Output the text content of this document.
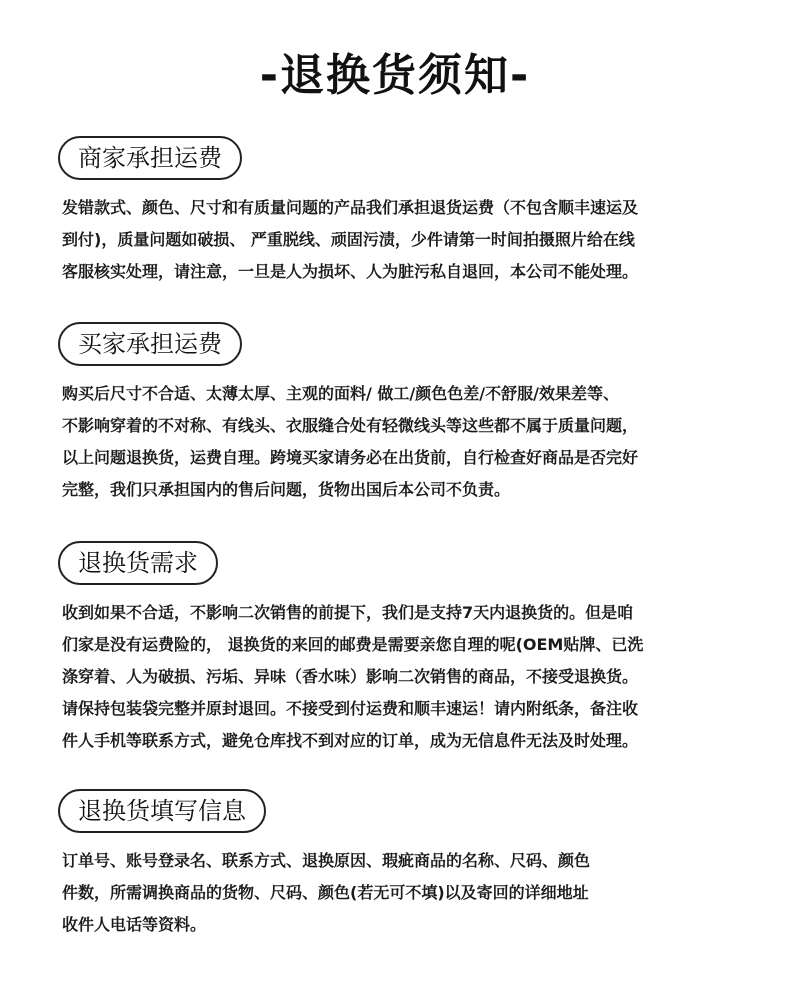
-退换货须知-
商家承担运费
发错款式、颜色、尺寸和有质量问题的产品我们承担退货运费（不包含顺丰速运及
到付)，质量问题如破损、 严重脱线、顽固污渍，少件请第一时间拍摄照片给在线
客服核实处理，请注意，一旦是人为损坏、人为脏污私自退回，本公司不能处理。
买家承担运费
购买后尺寸不合适、太薄太厚、主观的面料/ 做工/颜色色差/不舒服/效果差等、
不影响穿着的不对称、有线头、衣服缝合处有轻微线头等这些都不属于质量问题，
以上问题退换货，运费自理。跨境买家请务必在出货前，自行检查好商品是否完好
完整，我们只承担国内的售后问题，货物出国后本公司不负责。
退换货需求
收到如果不合适，不影响二次销售的前提下，我们是支持7天内退换货的。但是咱
们家是没有运费险的， 退换货的来回的邮费是需要亲您自理的呢(OEM贴牌、已洗
涤穿着、人为破损、污垢、异味（香水味）影响二次销售的商品，不接受退换货。
请保持包装袋完整并原封退回。不接受到付运费和顺丰速运！请内附纸条，备注收
件人手机等联系方式，避免仓库找不到对应的订单，成为无信息件无法及时处理。
退换货填写信息
订单号、账号登录名、联系方式、退换原因、瑕疵商品的名称、尺码、颜色
件数，所需调换商品的货物、尺码、颜色(若无可不填)以及寄回的详细地址
收件人电话等资料。
